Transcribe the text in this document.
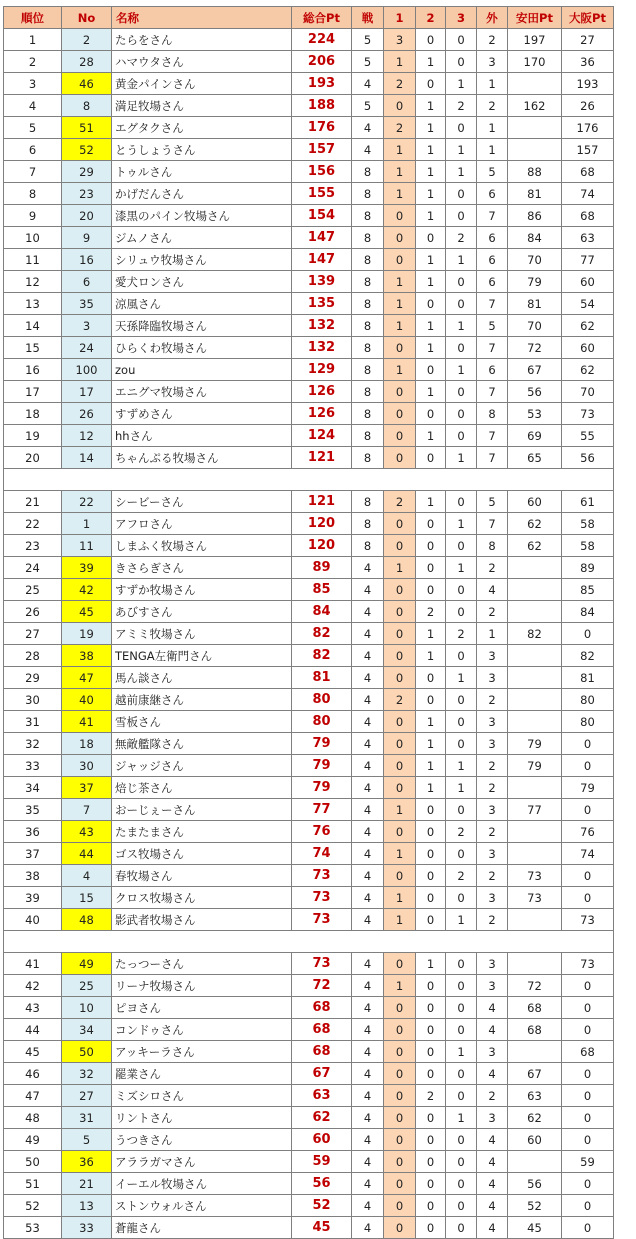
順位	No	名称	総合Pt	戦	1	2	3	外	安田Pt	大阪Pt
1	2	たらをさん	224	5	3	0	0	2	197	27
2	28	ハマウタさん	206	5	1	1	0	3	170	36
3	46	黄金パインさん	193	4	2	0	1	1		193
4	8	満足牧場さん	188	5	0	1	2	2	162	26
5	51	エグタクさん	176	4	2	1	0	1		176
6	52	とうしょうさん	157	4	1	1	1	1		157
7	29	トゥルさん	156	8	1	1	1	5	88	68
8	23	かげだんさん	155	8	1	1	0	6	81	74
9	20	漆黒のパイン牧場さん	154	8	0	1	0	7	86	68
10	9	ジムノさん	147	8	0	0	2	6	84	63
11	16	シリュウ牧場さん	147	8	0	1	1	6	70	77
12	6	愛犬ロンさん	139	8	1	1	0	6	79	60
13	35	涼風さん	135	8	1	0	0	7	81	54
14	3	天孫降臨牧場さん	132	8	1	1	1	5	70	62
15	24	ひらくわ牧場さん	132	8	0	1	0	7	72	60
16	100	zou	129	8	1	0	1	6	67	62
17	17	エニグマ牧場さん	126	8	0	1	0	7	56	70
18	26	すずめさん	126	8	0	0	0	8	53	73
19	12	hhさん	124	8	0	1	0	7	69	55
20	14	ちゃんぷる牧場さん	121	8	0	0	1	7	65	56

21	22	シービーさん	121	8	2	1	0	5	60	61
22	1	アフロさん	120	8	0	0	1	7	62	58
23	11	しまふく牧場さん	120	8	0	0	0	8	62	58
24	39	きさらぎさん	89	4	1	0	1	2		89
25	42	すずか牧場さん	85	4	0	0	0	4		85
26	45	あびすさん	84	4	0	2	0	2		84
27	19	アミミ牧場さん	82	4	0	1	2	1	82	0
28	38	TENGA左衛門さん	82	4	0	1	0	3		82
29	47	馬ん談さん	81	4	0	0	1	3		81
30	40	越前康継さん	80	4	2	0	0	2		80
31	41	雪板さん	80	4	0	1	0	3		80
32	18	無敵艦隊さん	79	4	0	1	0	3	79	0
33	30	ジャッジさん	79	4	0	1	1	2	79	0
34	37	焙じ茶さん	79	4	0	1	1	2		79
35	7	おーじぇーさん	77	4	1	0	0	3	77	0
36	43	たまたまさん	76	4	0	0	2	2		76
37	44	ゴス牧場さん	74	4	1	0	0	3		74
38	4	春牧場さん	73	4	0	0	2	2	73	0
39	15	クロス牧場さん	73	4	1	0	0	3	73	0
40	48	影武者牧場さん	73	4	1	0	1	2		73

41	49	たっつーさん	73	4	0	1	0	3		73
42	25	リーナ牧場さん	72	4	1	0	0	3	72	0
43	10	ピヨさん	68	4	0	0	0	4	68	0
44	34	コンドゥさん	68	4	0	0	0	4	68	0
45	50	アッキーラさん	68	4	0	0	1	3		68
46	32	罷業さん	67	4	0	0	0	4	67	0
47	27	ミズシロさん	63	4	0	2	0	2	63	0
48	31	リントさん	62	4	0	0	1	3	62	0
49	5	うつきさん	60	4	0	0	0	4	60	0
50	36	アララガマさん	59	4	0	0	0	4		59
51	21	イーエル牧場さん	56	4	0	0	0	4	56	0
52	13	ストンウォルさん	52	4	0	0	0	4	52	0
53	33	蒼龍さん	45	4	0	0	0	4	45	0
